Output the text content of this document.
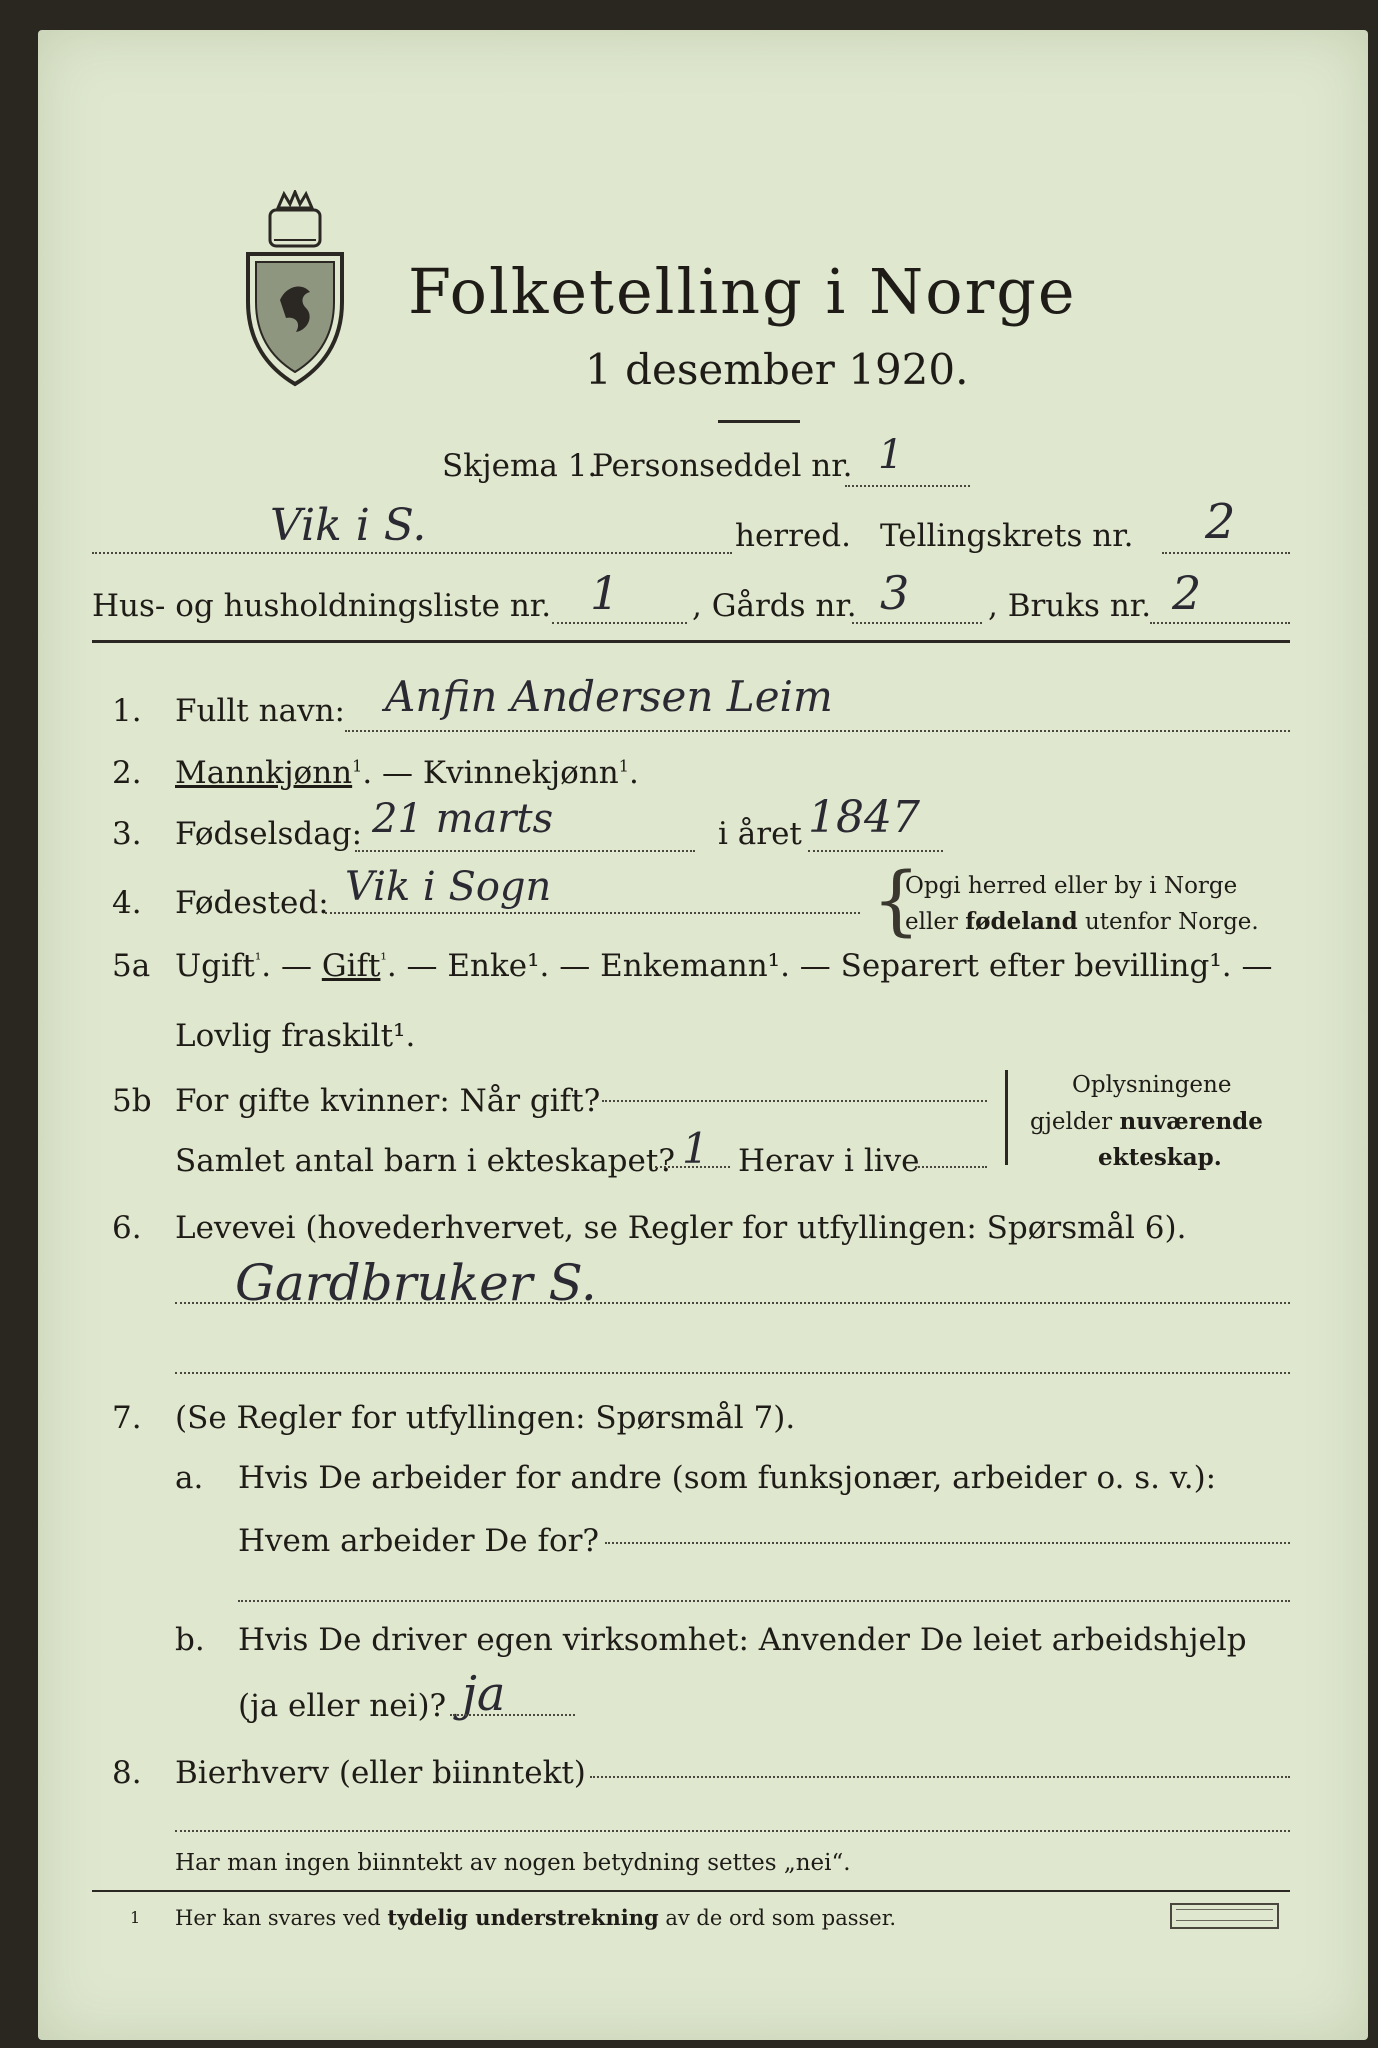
Folketelling i Norge
1 desember 1920.
Skjema 1.
Personseddel nr. 1
Vik i S.	herred. Tellingskrets nr. 2
Hus- og husholdningsliste nr. 1 , Gårds nr. 3	, Bruks nr. 2
1. Fullt navn: Anfin Andersen Leim
2. Mannkjønn$^1$. — Kvinnekjønn$^1$.
3. Fødselsdag: 21 marts	i året 1847
4. Fødested: Vik i Sogn	{
Opgi herred eller by i Norge
eller fødeland utenfor Norge.
5a Ugift$^{^1}$. — Gift$^{^1}$. — Enke¹. — Enkemann¹. — Separert efter bevilling¹. —
Lovlig fraskilt¹.
5b For gifte kvinner: Når gift?
Samlet antal barn i ekteskapet? 1 Herav i live
Oplysningene
gjelder nuværende
ekteskap.
6. Levevei (hovederhvervet, se Regler for utfyllingen: Spørsmål 6).
Gardbruker S.
7. (Se Regler for utfyllingen: Spørsmål 7).
a. Hvis De arbeider for andre (som funksjonær, arbeider o. s. v.):
Hvem arbeider De for?
b. Hvis De driver egen virksomhet: Anvender De leiet arbeidshjelp
(ja eller nei)? ja
8. Bierhverv (eller biinntekt)
Har man ingen biinntekt av nogen betydning settes „nei“.
1 Her kan svares ved tydelig understrekning av de ord som passer.
